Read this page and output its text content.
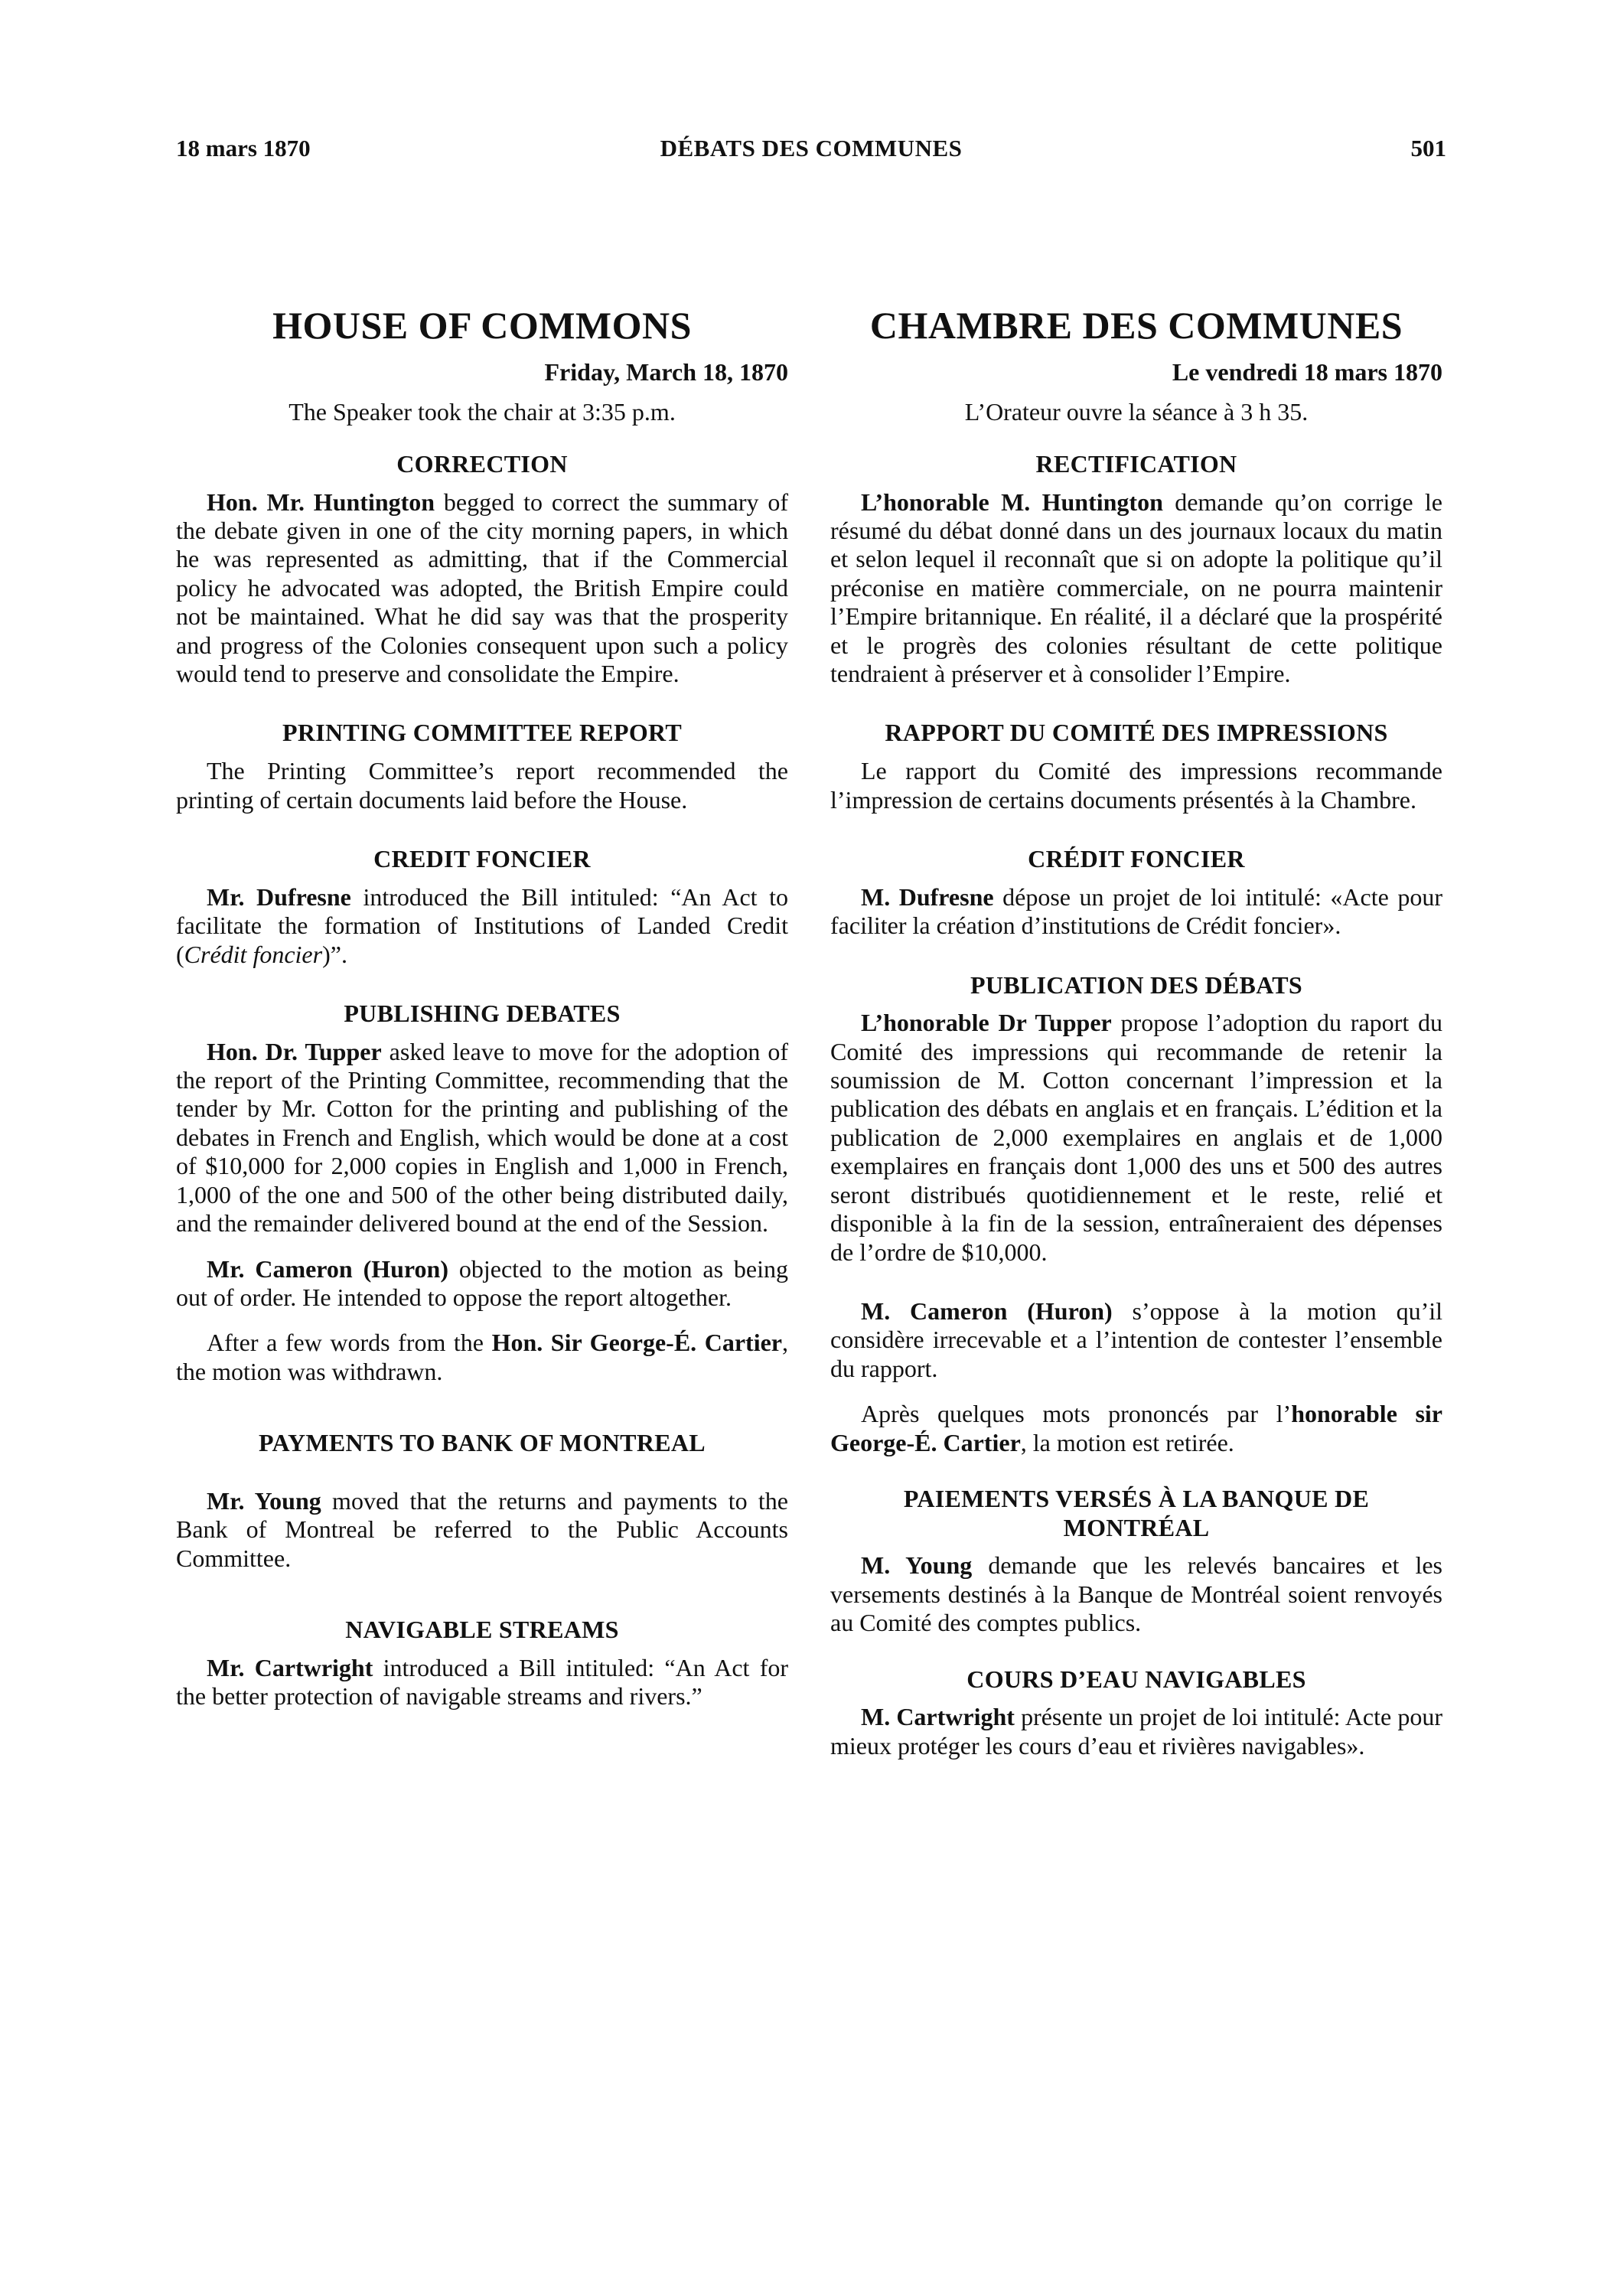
18 mars 1870	DÉBATS DES COMMUNES	501
HOUSE OF COMMONS
Friday, March 18, 1870
The Speaker took the chair at 3:35 p.m.
CORRECTION

Hon. Mr. Huntington begged to correct the summary of the debate given in one of the city morning papers, in which he was represented as admitting, that if the Commercial policy he advocated was adopted, the British Empire could not be maintained. What he did say was that the prosperity and progress of the Colonies consequent upon such a policy would tend to preserve and consolidate the Empire.

PRINTING COMMITTEE REPORT

The Printing Committee’s report recommended the printing of certain documents laid before the House.

CREDIT FONCIER

Mr. Dufresne introduced the Bill intituled: “An Act to facilitate the formation of Institutions of Landed Credit (Crédit foncier)”.

PUBLISHING DEBATES

Hon. Dr. Tupper asked leave to move for the adoption of the report of the Printing Committee, recommending that the tender by Mr. Cotton for the printing and publishing of the debates in French and English, which would be done at a cost of $10,000 for 2,000 copies in English and 1,000 in French, 1,000 of the one and 500 of the other being distributed daily, and the remainder delivered bound at the end of the Session.

Mr. Cameron (Huron) objected to the motion as being out of order. He intended to oppose the report altogether.

After a few words from the Hon. Sir George-É. Cartier, the motion was withdrawn.

PAYMENTS TO BANK OF MONTREAL

Mr. Young moved that the returns and payments to the Bank of Montreal be referred to the Public Accounts Committee.

NAVIGABLE STREAMS

Mr. Cartwright introduced a Bill intituled: “An Act for the better protection of navigable streams and rivers.”

CHAMBRE DES COMMUNES
Le vendredi 18 mars 1870
L’Orateur ouvre la séance à 3 h 35.
RECTIFICATION

L’honorable M. Huntington demande qu’on corrige le résumé du débat donné dans un des journaux locaux du matin et selon lequel il reconnaît que si on adopte la politique qu’il préconise en matière commerciale, on ne pourra maintenir l’Empire britannique. En réalité, il a déclaré que la prospérité et le progrès des colonies résultant de cette politique tendraient à préserver et à consolider l’Empire.

RAPPORT DU COMITÉ DES IMPRESSIONS

Le rapport du Comité des impressions recommande l’impression de certains documents présentés à la Chambre.

CRÉDIT FONCIER

M. Dufresne dépose un projet de loi intitulé: «Acte pour faciliter la création d’institutions de Crédit foncier».

PUBLICATION DES DÉBATS

L’honorable Dr Tupper propose l’adoption du raport du Comité des impressions qui recommande de retenir la soumission de M. Cotton concernant l’impression et la publication des débats en anglais et en français. L’édition et la publication de 2,000 exemplaires en anglais et de 1,000 exemplaires en français dont 1,000 des uns et 500 des autres seront distribués quotidiennement et le reste, relié et disponible à la fin de la session, entraîneraient des dépenses de l’ordre de $10,000.

M. Cameron (Huron) s’oppose à la motion qu’il considère irrecevable et a l’intention de contester l’ensemble du rapport.

Après quelques mots prononcés par l’honorable sir George-É. Cartier, la motion est retirée.

PAIEMENTS VERSÉS À LA BANQUE DE MONTRÉAL

M. Young demande que les relevés bancaires et les versements destinés à la Banque de Montréal soient renvoyés au Comité des comptes publics.

COURS D’EAU NAVIGABLES

M. Cartwright présente un projet de loi intitulé: Acte pour mieux protéger les cours d’eau et rivières navigables».
